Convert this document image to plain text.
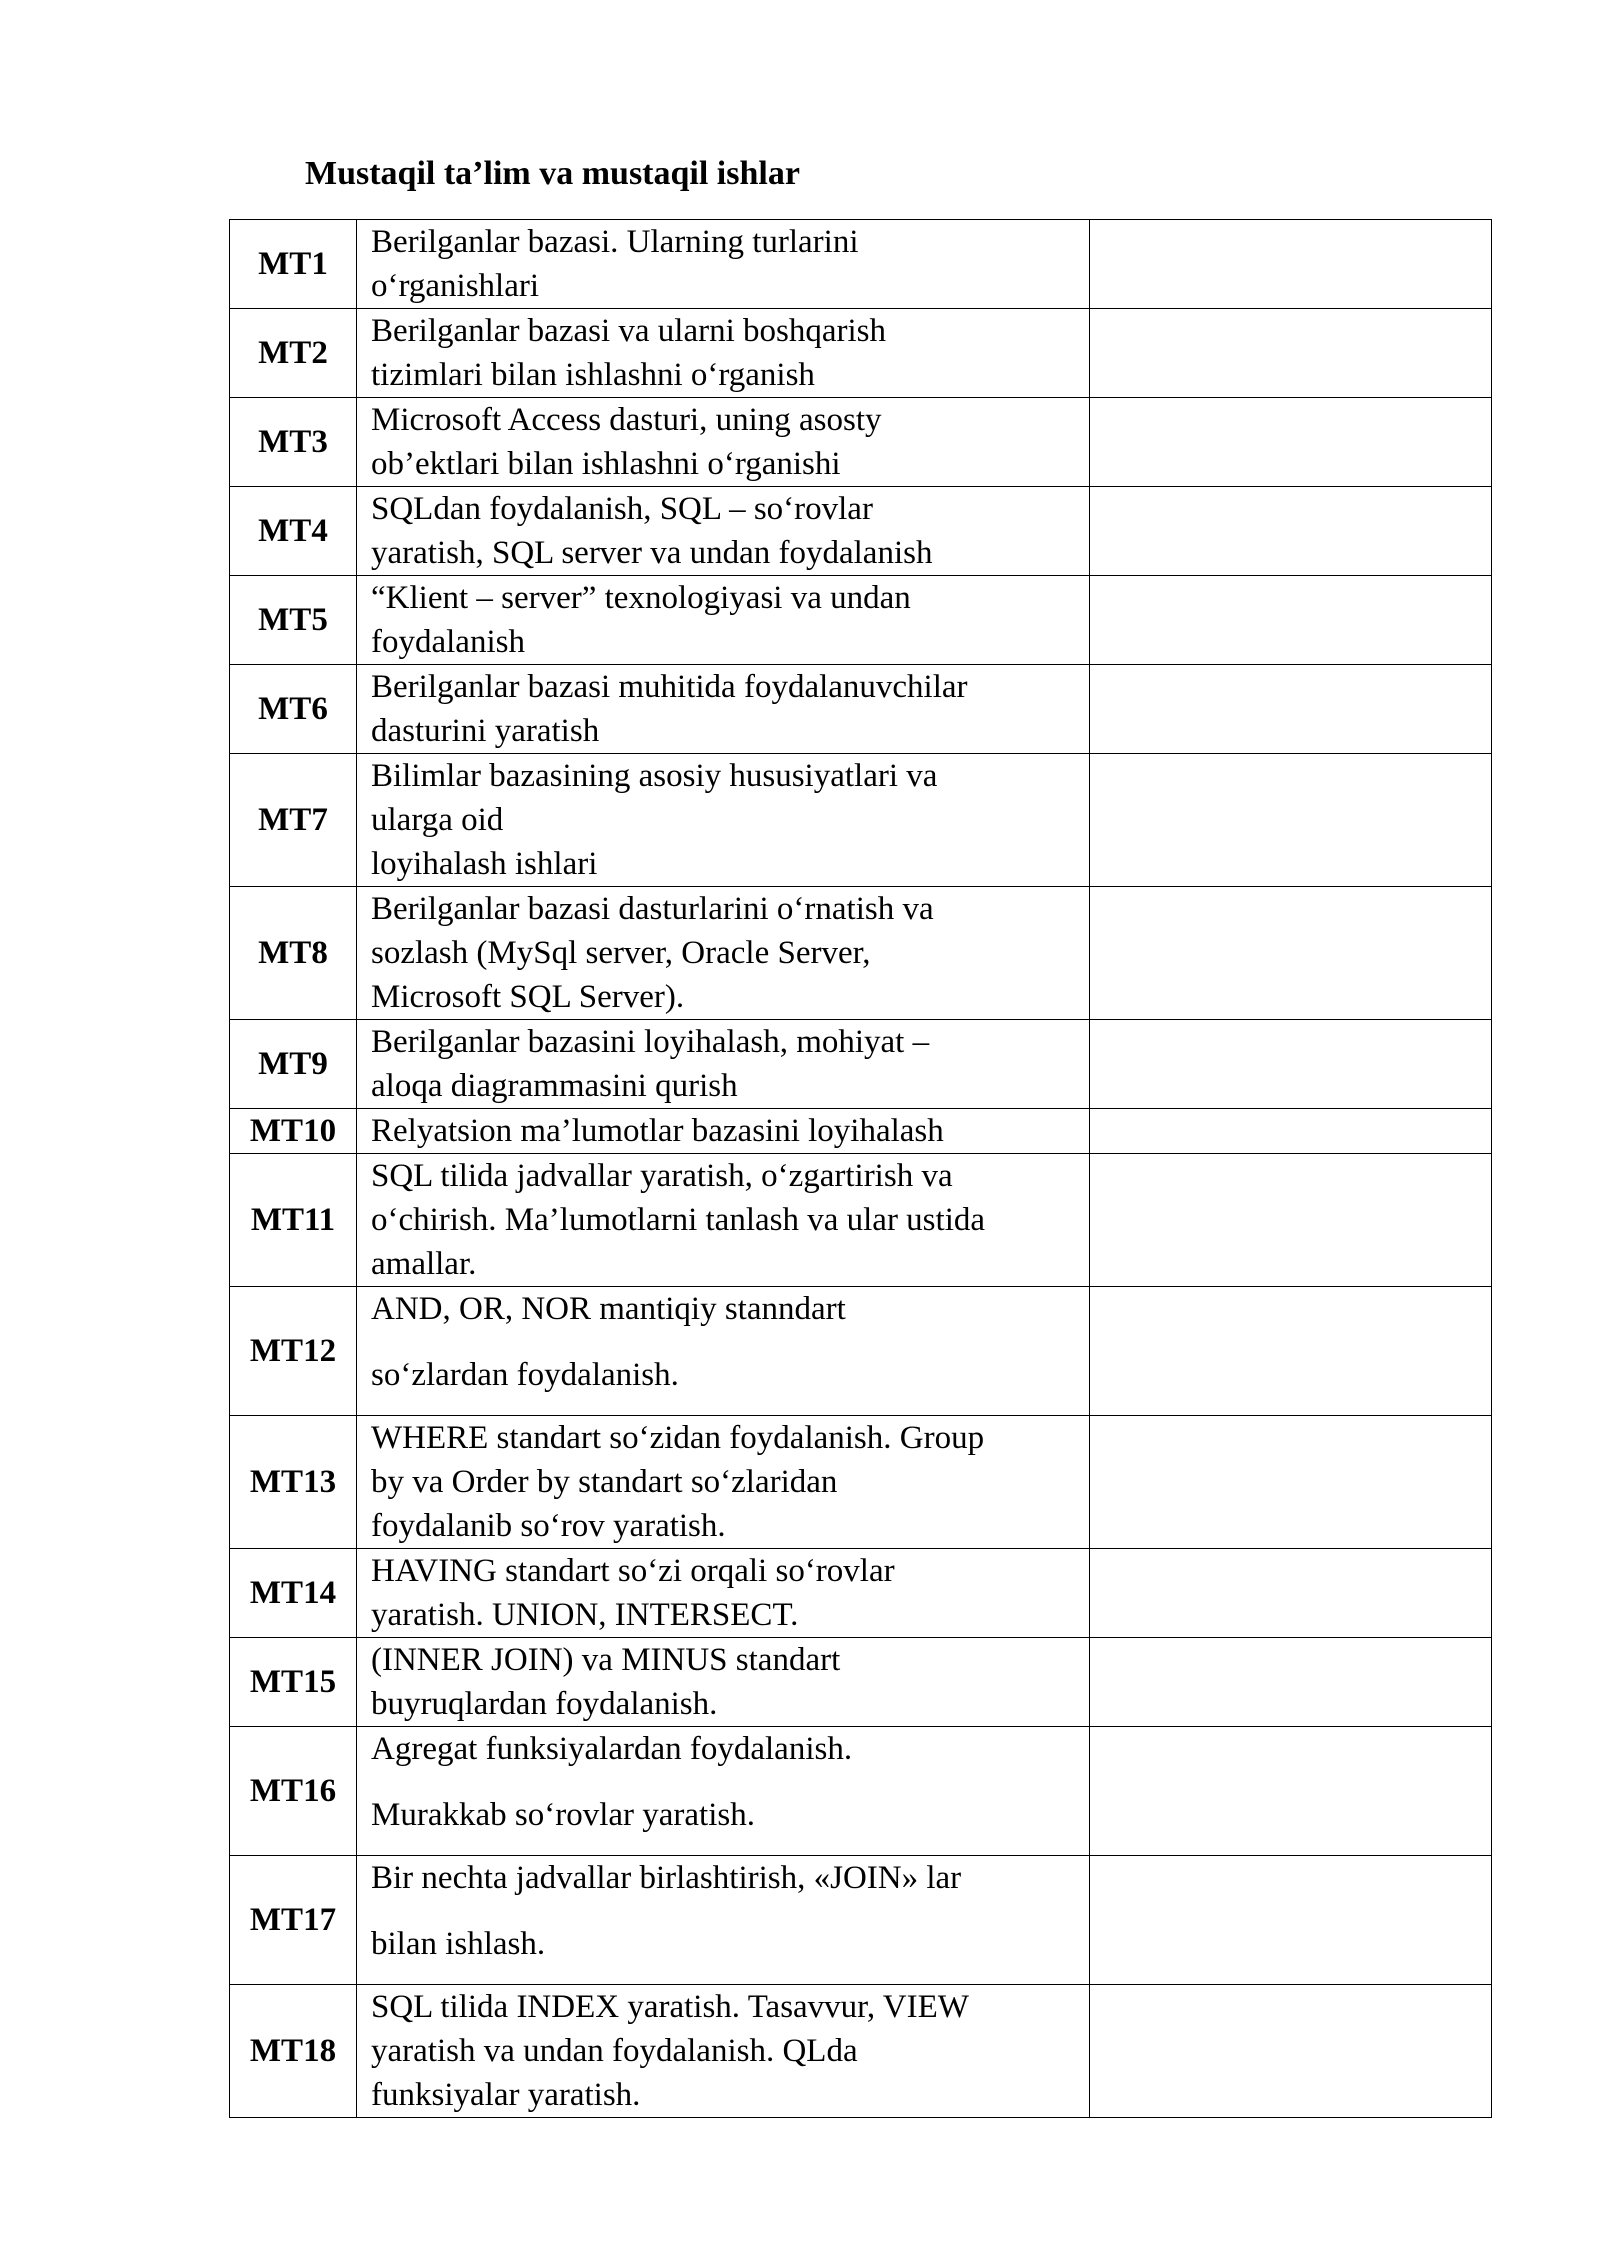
Mustaqil ta’lim va mustaqil ishlar
MT1	Berilganlar bazasi. Ularning turlarini
o‘rganishlari	

MT2	Berilganlar bazasi va ularni boshqarish
tizimlari bilan ishlashni o‘rganish	

MT3	Microsoft Access dasturi, uning asosty
ob’ektlari bilan ishlashni o‘rganishi	

MT4	SQLdan foydalanish, SQL – so‘rovlar
yaratish, SQL server va undan foydalanish	

MT5	“Klient – server” texnologiyasi va undan
foydalanish	

MT6	Berilganlar bazasi muhitida foydalanuvchilar
dasturini yaratish	

MT7	Bilimlar bazasining asosiy hususiyatlari va
ularga oid
loyihalash ishlari	

MT8	Berilganlar bazasi dasturlarini o‘rnatish va
sozlash (MySql server, Oracle Server,
Microsoft SQL Server).	

MT9	Berilganlar bazasini loyihalash, mohiyat –
aloqa diagrammasini qurish	

MT10	Relyatsion ma’lumotlar bazasini loyihalash	

MT11	SQL tilida jadvallar yaratish, o‘zgartirish va
o‘chirish. Ma’lumotlarni tanlash va ular ustida
amallar.	

MT12	AND, OR, NOR mantiqiy stanndart
so‘zlardan foydalanish.	

MT13	WHERE standart so‘zidan foydalanish. Group
by va Order by standart so‘zlaridan
foydalanib so‘rov yaratish.	

MT14	HAVING standart so‘zi orqali so‘rovlar
yaratish. UNION, INTERSECT.	

MT15	(INNER JOIN) va MINUS standart
buyruqlardan foydalanish.	

MT16	Agregat funksiyalardan foydalanish.
Murakkab so‘rovlar yaratish.	

MT17	Bir nechta jadvallar birlashtirish, «JOIN» lar
bilan ishlash.	

MT18	SQL tilida INDEX yaratish. Tasavvur, VIEW
yaratish va undan foydalanish. QLda
funksiyalar yaratish.	
